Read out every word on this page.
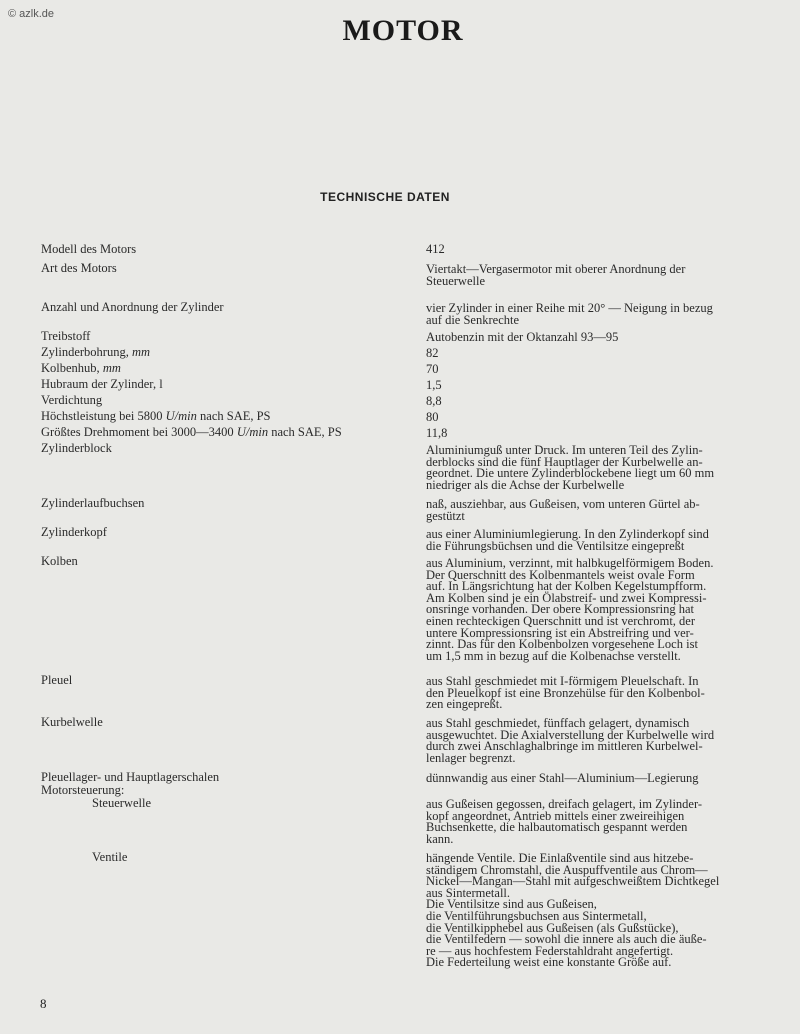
© azlk.de	MOTOR
TECHNISCHE DATEN
Modell des Motors	412
Art des Motors	Viertakt—Vergasermotor mit oberer Anordnung der
Steuerwelle
Anzahl und Anordnung der Zylinder	vier Zylinder in einer Reihe mit 20° — Neigung in bezug
auf die Senkrechte
Treibstoff	Autobenzin mit der Oktanzahl 93—95
Zylinderbohrung, mm	82
Kolbenhub, mm	70
Hubraum der Zylinder, l	1,5
Verdichtung	8,8
Höchstleistung bei 5800 U/min nach SAE, PS	80
Größtes Drehmoment bei 3000—3400 U/min nach SAE, PS	11,8
Zylinderblock	Aluminiumguß unter Druck. Im unteren Teil des Zylin-
derblocks sind die fünf Hauptlager der Kurbelwelle an-
geordnet. Die untere Zylinderblockebene liegt um 60 mm
niedriger als die Achse der Kurbelwelle
Zylinderlaufbuchsen	naß, ausziehbar, aus Gußeisen, vom unteren Gürtel ab-
gestützt
Zylinderkopf	aus einer Aluminiumlegierung. In den Zylinderkopf sind
die Führungsbüchsen und die Ventilsitze eingepreßt
Kolben	aus Aluminium, verzinnt, mit halbkugelförmigem Boden.
Der Querschnitt des Kolbenmantels weist ovale Form
auf. In Längsrichtung hat der Kolben Kegelstumpfform.
Am Kolben sind je ein Ölabstreif- und zwei Kompressi-
onsringe vorhanden. Der obere Kompressionsring hat
einen rechteckigen Querschnitt und ist verchromt, der
untere Kompressionsring ist ein Abstreifring und ver-
zinnt. Das für den Kolbenbolzen vorgesehene Loch ist
um 1,5 mm in bezug auf die Kolbenachse verstellt.
Pleuel	aus Stahl geschmiedet mit I-förmigem Pleuelschaft. In
den Pleuelkopf ist eine Bronzehülse für den Kolbenbol-
zen eingepreßt.
Kurbelwelle	aus Stahl geschmiedet, fünffach gelagert, dynamisch
ausgewuchtet. Die Axialverstellung der Kurbelwelle wird
durch zwei Anschlaghalbringe im mittleren Kurbelwel-
lenlager begrenzt.
Pleuellager- und Hauptlagerschalen	dünnwandig aus einer Stahl—Aluminium—Legierung
Motorsteuerung:
Steuerwelle	aus Gußeisen gegossen, dreifach gelagert, im Zylinder-
kopf angeordnet, Antrieb mittels einer zweireihigen
Buchsenkette, die halbautomatisch gespannt werden
kann.
Ventile	hängende Ventile. Die Einlaßventile sind aus hitzebe-
ständigem Chromstahl, die Auspuffventile aus Chrom—
Nickel—Mangan—Stahl mit aufgeschweißtem Dichtkegel
aus Sintermetall.
Die Ventilsitze sind aus Gußeisen,
die Ventilführungsbuchsen aus Sintermetall,
die Ventilkipphebel aus Gußeisen (als Gußstücke),
die Ventilfedern — sowohl die innere als auch die äuße-
re — aus hochfestem Federstahldraht angefertigt.
Die Federteilung weist eine konstante Größe auf.
8
